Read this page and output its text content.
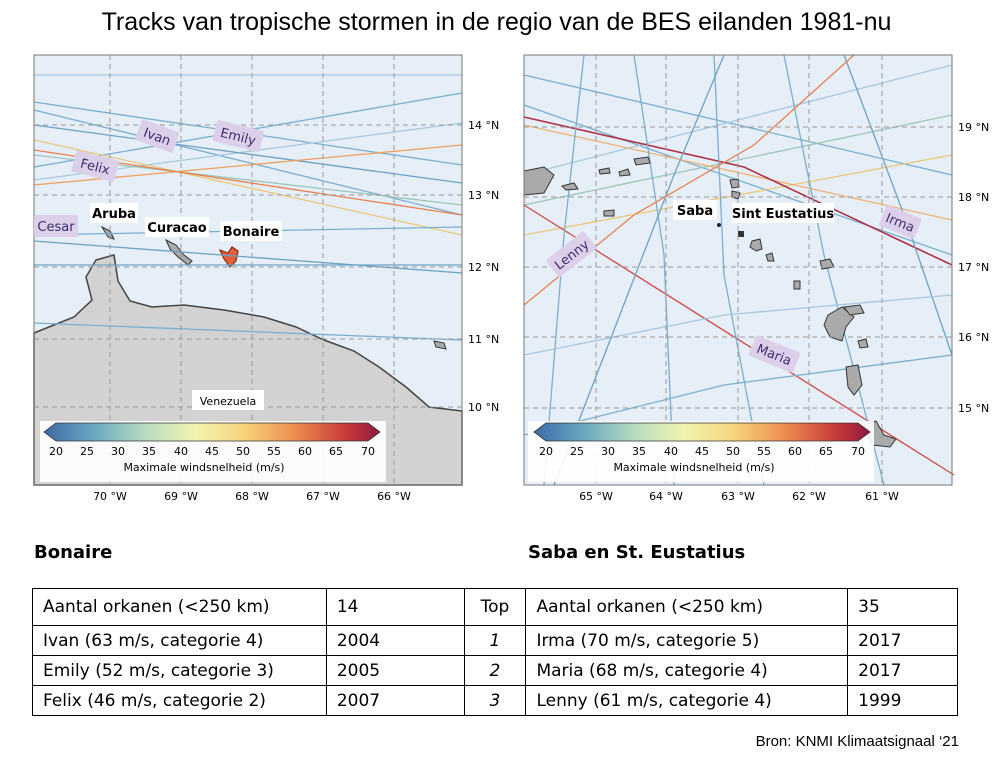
Tracks van tropische stormen in de regio van de BES eilanden 1981-nu
Ivan	Emily
Felix
Cesar
Aruba
Curacao Bonaire
Venezuela
20 25 30 35 40 45 50 55 60 65 70
Maximale windsnelheid (m/s)
14 °N
13 °N
12 °N
11 °N
10 °N
70 °W	69 °W	68 °W	67 °W	66 °W
Saba Sint Eustatius	Irma
Lenny
Maria
20 25 30 35 40 45 50 55 60 65 70
Maximale windsnelheid (m/s)
19 °N
18 °N
17 °N
16 °N
15 °N
65 °W	64 °W	63 °W	62 °W	61 °W
Bonaire	Saba en St. Eustatius
Aantal orkanen (<250 km)	14	Top	Aantal orkanen (<250 km)	35
Ivan (63 m/s, categorie 4)	2004	1	Irma (70 m/s, categorie 5)	2017
Emily (52 m/s, categorie 3)	2005	2	Maria (68 m/s, categorie 4)	2017
Felix (46 m/s, categorie 2)	2007	3	Lenny (61 m/s, categorie 4)	1999
Bron: KNMI Klimaatsignaal ‘21
